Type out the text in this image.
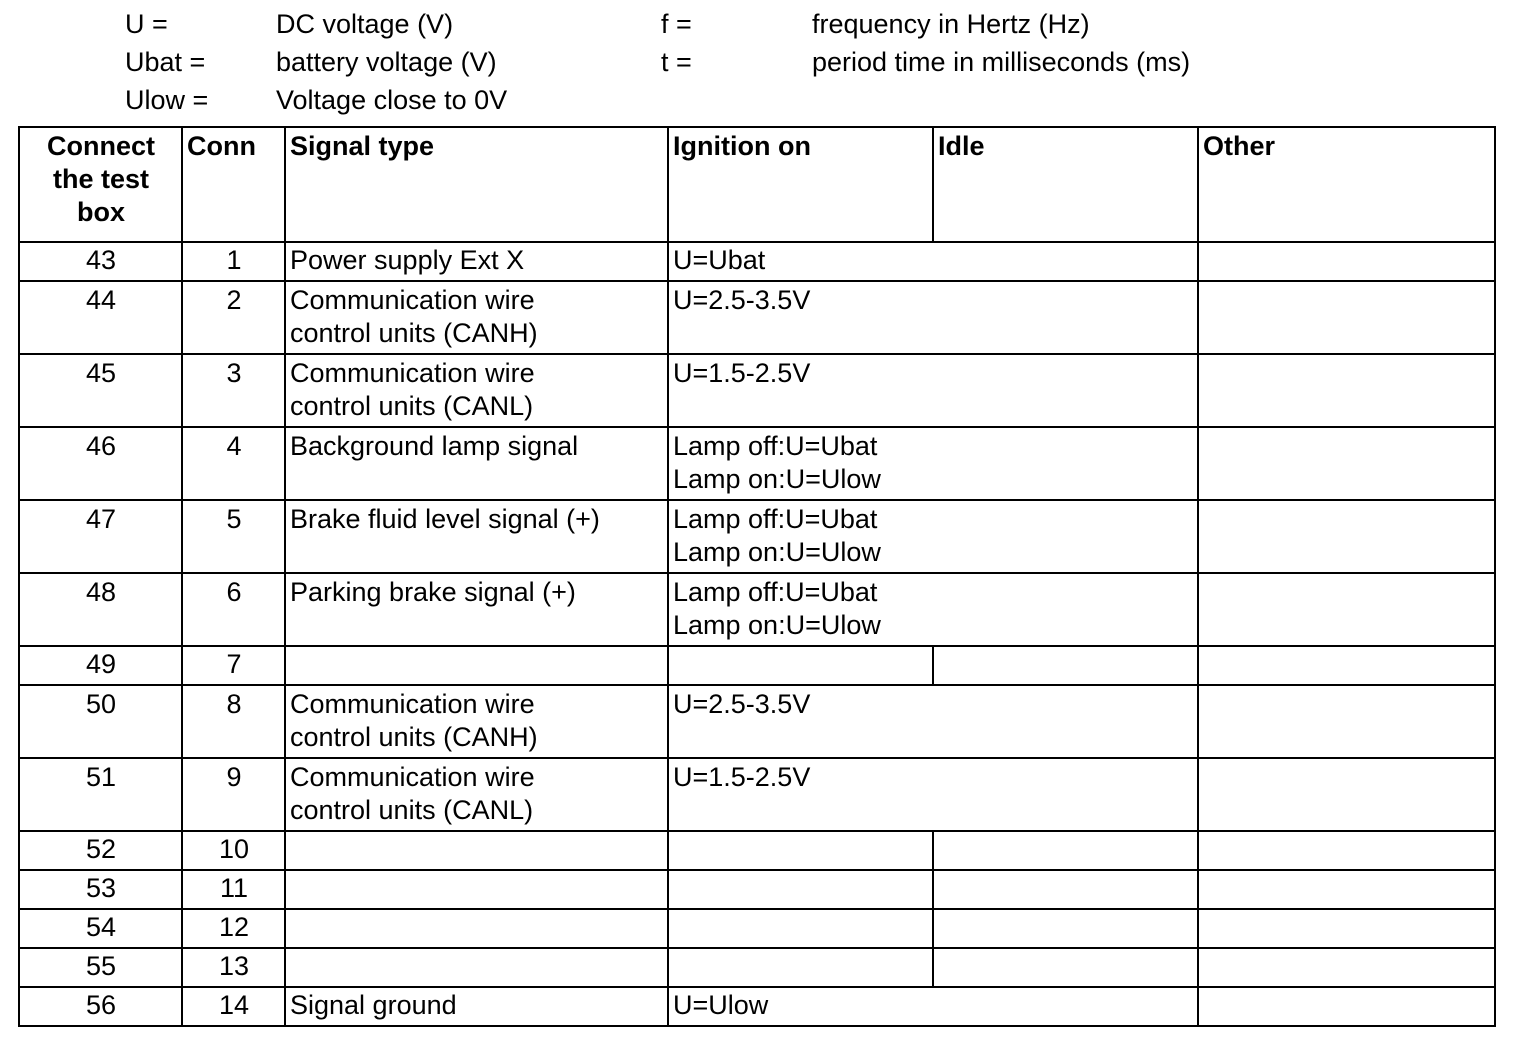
U =	DC voltage (V)	f =	frequency in Hertz (Hz)
Ubat =	battery voltage (V)	t =	period time in milliseconds (ms)
Ulow =	Voltage close to 0V
Connect
the test
box	Conn	Signal type	Ignition on	Idle	Other
43	1	Power supply Ext X	U=Ubat		

44	2	Communication wire
control units (CANH)	U=2.5-3.5V		

45	3	Communication wire
control units (CANL)	U=1.5-2.5V		

46	4	Background lamp signal	Lamp off:U=Ubat
Lamp on:U=Ulow		

47	5	Brake fluid level signal (+)	Lamp off:U=Ubat
Lamp on:U=Ulow		

48	6	Parking brake signal (+)	Lamp off:U=Ubat
Lamp on:U=Ulow		

49	7				
50	8	Communication wire
control units (CANH)	U=2.5-3.5V		

51	9	Communication wire
control units (CANL)	U=1.5-2.5V		

52	10				
53	11				
54	12				
55	13				
56	14	Signal ground	U=Ulow		
